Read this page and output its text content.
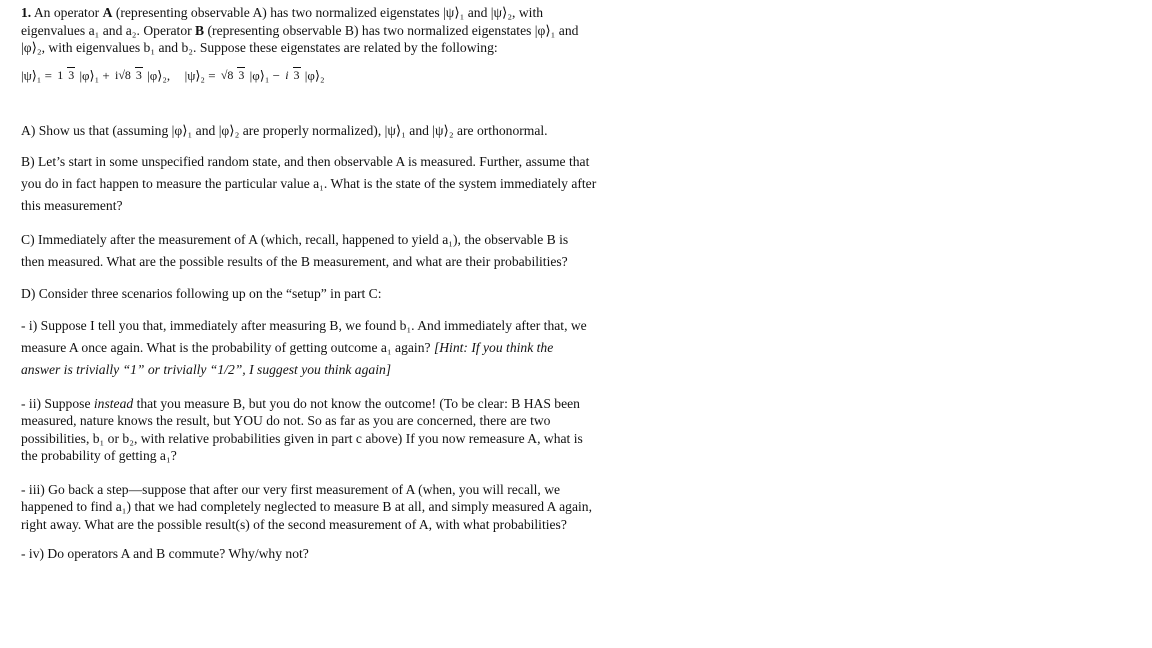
1. An operator A (representing observable A) has two normalized eigenstates |ψ⟩₁ and |ψ⟩₂, with
eigenvalues a₁ and a₂. Operator B (representing observable B) has two normalized eigenstates |φ⟩₁ and
|φ⟩₂, with eigenvalues b₁ and b₂. Suppose these eigenstates are related by the following:

|ψ⟩₁ = 1 3 |φ⟩₁ + i√8 3 |φ⟩₂, |ψ⟩₂ = √8 3 |φ⟩₁ − i 3 |φ⟩₂

A) Show us that (assuming |φ⟩₁ and |φ⟩₂ are properly normalized), |ψ⟩₁ and |ψ⟩₂ are orthonormal.

B) Let’s start in some unspecified random state, and then observable A is measured. Further, assume that
you do in fact happen to measure the particular value a₁. What is the state of the system immediately after
this measurement?

C) Immediately after the measurement of A (which, recall, happened to yield a₁), the observable B is
then measured. What are the possible results of the B measurement, and what are their probabilities?

D) Consider three scenarios following up on the “setup” in part C:

- i) Suppose I tell you that, immediately after measuring B, we found b₁. And immediately after that, we
measure A once again. What is the probability of getting outcome a₁ again? [Hint: If you think the
answer is trivially “1” or trivially “1/2”, I suggest you think again]

- ii) Suppose instead that you measure B, but you do not know the outcome! (To be clear: B HAS been
measured, nature knows the result, but YOU do not. So as far as you are concerned, there are two
possibilities, b₁ or b₂, with relative probabilities given in part c above) If you now remeasure A, what is
the probability of getting a₁?

- iii) Go back a step—suppose that after our very first measurement of A (when, you will recall, we
happened to find a₁) that we had completely neglected to measure B at all, and simply measured A again,
right away. What are the possible result(s) of the second measurement of A, with what probabilities?

- iv) Do operators A and B commute? Why/why not?
